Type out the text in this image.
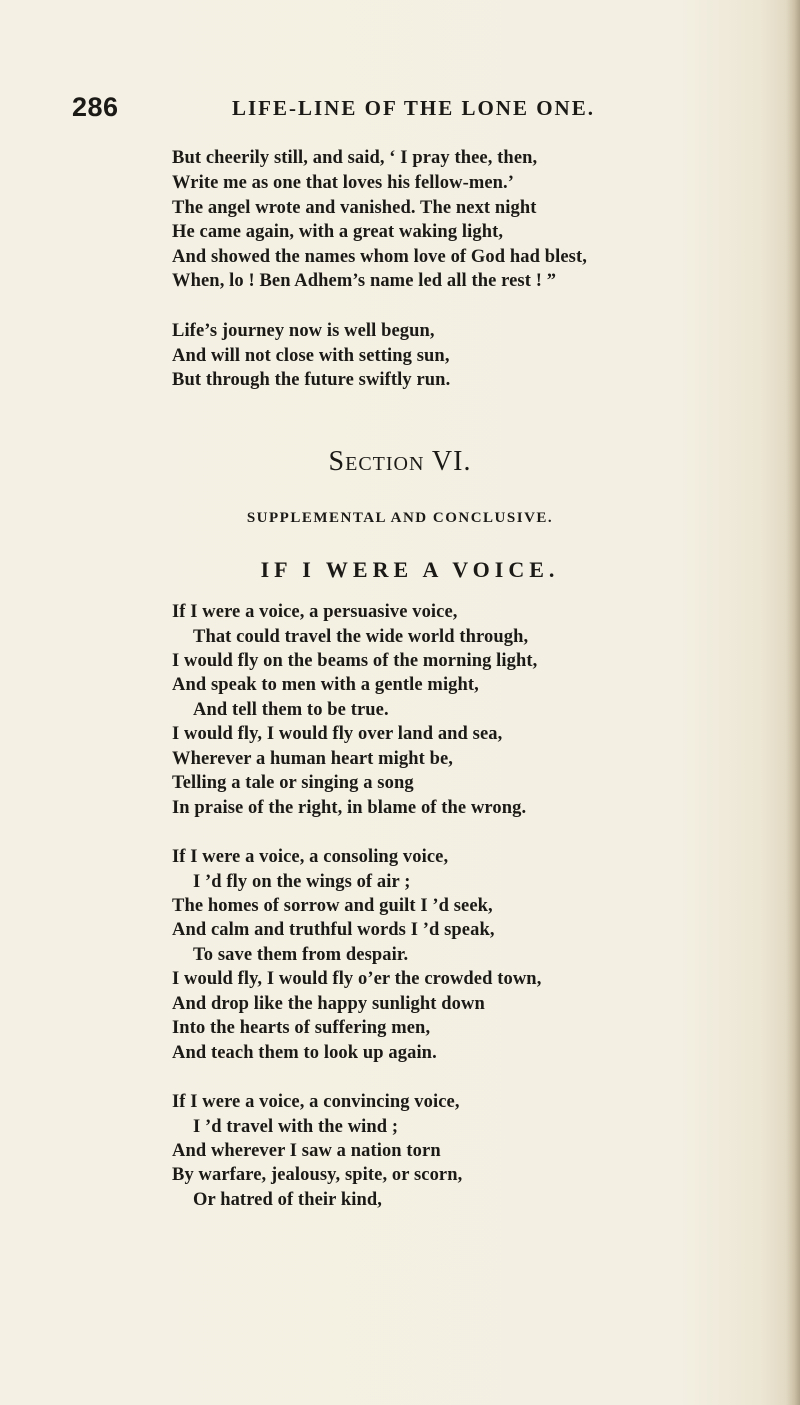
286	LIFE-LINE OF THE LONE ONE.
But cheerily still, and said, ‘ I pray thee, then,
Write me as one that loves his fellow-men.’
The angel wrote and vanished. The next night
He came again, with a great waking light,
And showed the names whom love of God had blest,
When, lo ! Ben Adhem’s name led all the rest ! ”
Life’s journey now is well begun,
And will not close with setting sun,
But through the future swiftly run.
Section VI.
SUPPLEMENTAL AND CONCLUSIVE.
IF I WERE A VOICE.
If I were a voice, a persuasive voice,
That could travel the wide world through,
I would fly on the beams of the morning light,
And speak to men with a gentle might,
And tell them to be true.
I would fly, I would fly over land and sea,
Wherever a human heart might be,
Telling a tale or singing a song
In praise of the right, in blame of the wrong.
If I were a voice, a consoling voice,
I ’d fly on the wings of air ;
The homes of sorrow and guilt I ’d seek,
And calm and truthful words I ’d speak,
To save them from despair.
I would fly, I would fly o’er the crowded town,
And drop like the happy sunlight down
Into the hearts of suffering men,
And teach them to look up again.
If I were a voice, a convincing voice,
I ’d travel with the wind ;
And wherever I saw a nation torn
By warfare, jealousy, spite, or scorn,
Or hatred of their kind,
